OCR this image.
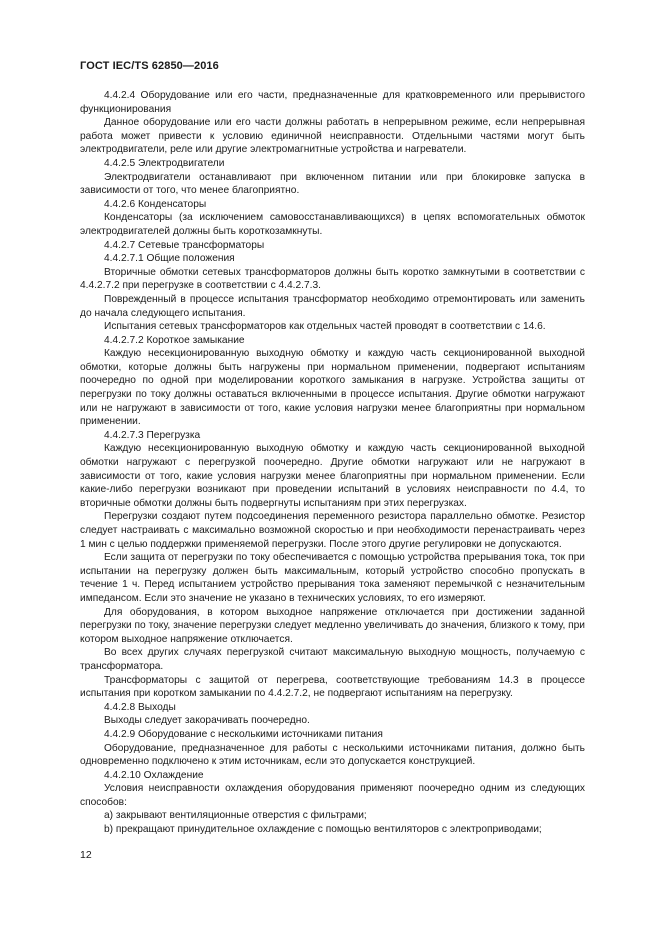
ГОСТ IEC/TS 62850—2016

4.4.2.4 Оборудование или его части, предназначенные для кратковременного или прерывистого функционирования

Данное оборудование или его части должны работать в непрерывном режиме, если непрерывная работа может привести к условию единичной неисправности. Отдельными частями могут быть электродвигатели, реле или другие электромагнитные устройства и нагреватели.

4.4.2.5 Электродвигатели

Электродвигатели останавливают при включенном питании или при блокировке запуска в зависимости от того, что менее благоприятно.

4.4.2.6 Конденсаторы

Конденсаторы (за исключением самовосстанавливающихся) в цепях вспомогательных обмоток электродвигателей должны быть короткозамкнуты.

4.4.2.7 Сетевые трансформаторы

4.4.2.7.1 Общие положения

Вторичные обмотки сетевых трансформаторов должны быть коротко замкнутыми в соответствии с 4.4.2.7.2 при перегрузке в соответствии с 4.4.2.7.3.

Поврежденный в процессе испытания трансформатор необходимо отремонтировать или заменить до начала следующего испытания.

Испытания сетевых трансформаторов как отдельных частей проводят в соответствии с 14.6.

4.4.2.7.2 Короткое замыкание

Каждую несекционированную выходную обмотку и каждую часть секционированной выходной обмотки, которые должны быть нагружены при нормальном применении, подвергают испытаниям поочередно по одной при моделировании короткого замыкания в нагрузке. Устройства защиты от перегрузки по току должны оставаться включенными в процессе испытания. Другие обмотки нагружают или не нагружают в зависимости от того, какие условия нагрузки менее благоприятны при нормальном применении.

4.4.2.7.3 Перегрузка

Каждую несекционированную выходную обмотку и каждую часть секционированной выходной обмотки нагружают с перегрузкой поочередно. Другие обмотки нагружают или не нагружают в зависимости от того, какие условия нагрузки менее благоприятны при нормальном применении. Если какие-либо перегрузки возникают при проведении испытаний в условиях неисправности по 4.4, то вторичные обмотки должны быть подвергнуты испытаниям при этих перегрузках.

Перегрузки создают путем подсоединения переменного резистора параллельно обмотке. Резистор следует настраивать с максимально возможной скоростью и при необходимости перенастраивать через 1 мин с целью поддержки применяемой перегрузки. После этого другие регулировки не допускаются.

Если защита от перегрузки по току обеспечивается с помощью устройства прерывания тока, ток при испытании на перегрузку должен быть максимальным, который устройство способно пропускать в течение 1 ч. Перед испытанием устройство прерывания тока заменяют перемычкой с незначительным импедансом. Если это значение не указано в технических условиях, то его измеряют.

Для оборудования, в котором выходное напряжение отключается при достижении заданной перегрузки по току, значение перегрузки следует медленно увеличивать до значения, близкого к тому, при котором выходное напряжение отключается.

Во всех других случаях перегрузкой считают максимальную выходную мощность, получаемую с трансформатора.

Трансформаторы с защитой от перегрева, соответствующие требованиям 14.3 в процессе испытания при коротком замыкании по 4.4.2.7.2, не подвергают испытаниям на перегрузку.

4.4.2.8 Выходы

Выходы следует закорачивать поочередно.

4.4.2.9 Оборудование с несколькими источниками питания

Оборудование, предназначенное для работы с несколькими источниками питания, должно быть одновременно подключено к этим источникам, если это допускается конструкцией.

4.4.2.10 Охлаждение

Условия неисправности охлаждения оборудования применяют поочередно одним из следующих способов:

а) закрывают вентиляционные отверстия с фильтрами;

b) прекращают принудительное охлаждение с помощью вентиляторов с электроприводами;

12
